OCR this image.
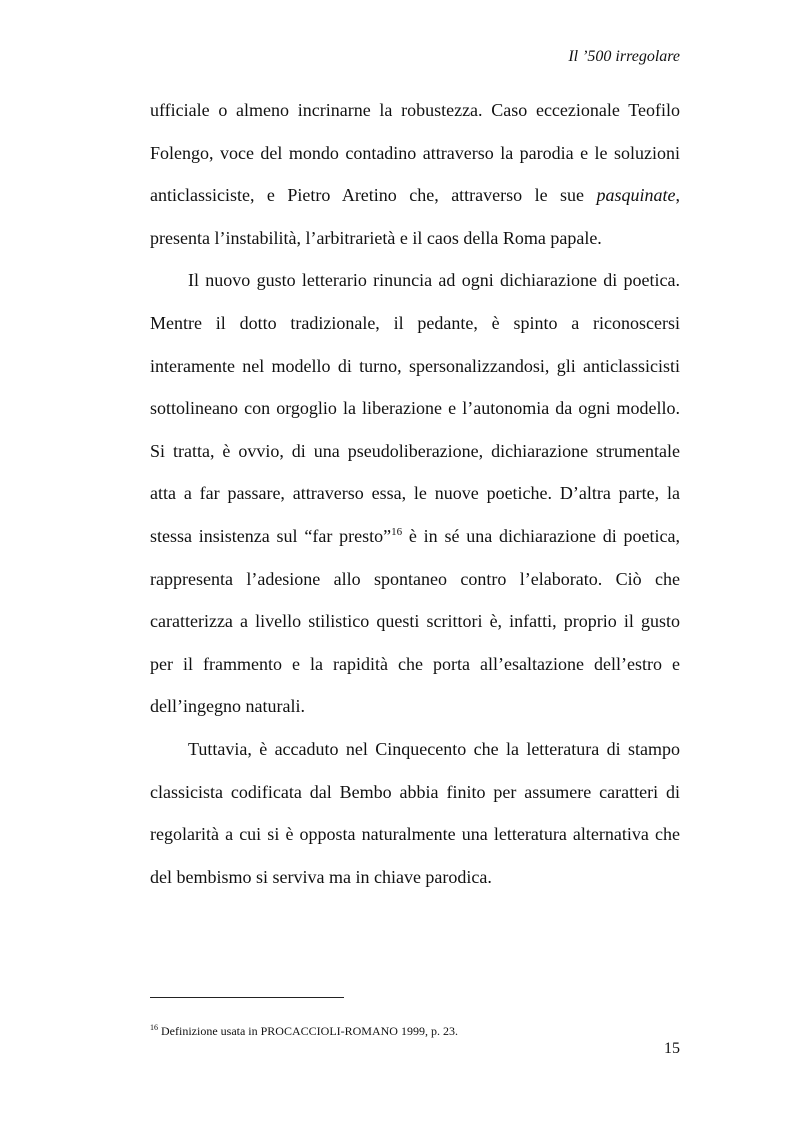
Il ’500 irregolare

ufficiale o almeno incrinarne la robustezza. Caso eccezionale Teofilo Folengo, voce del mondo contadino attraverso la parodia e le soluzioni anticlassiciste, e Pietro Aretino che, attraverso le sue pasquinate, presenta l’instabilità, l’arbitrarietà e il caos della Roma papale.

Il nuovo gusto letterario rinuncia ad ogni dichiarazione di poetica. Mentre il dotto tradizionale, il pedante, è spinto a riconoscersi interamente nel modello di turno, spersonalizzandosi, gli anticlassicisti sottolineano con orgoglio la liberazione e l’autonomia da ogni modello. Si tratta, è ovvio, di una pseudoliberazione, dichiarazione strumentale atta a far passare, attraverso essa, le nuove poetiche. D’altra parte, la stessa insistenza sul “far presto”$^{16}$ è in sé una dichiarazione di poetica, rappresenta l’adesione allo spontaneo contro l’elaborato. Ciò che caratterizza a livello stilistico questi scrittori è, infatti, proprio il gusto per il frammento e la rapidità che porta all’esaltazione dell’estro e dell’ingegno naturali.

Tuttavia, è accaduto nel Cinquecento che la letteratura di stampo classicista codificata dal Bembo abbia finito per assumere caratteri di regolarità a cui si è opposta naturalmente una letteratura alternativa che del bembismo si serviva ma in chiave parodica.

$^{16}$ Definizione usata in PROCACCIOLI-ROMANO 1999, p. 23.

15
